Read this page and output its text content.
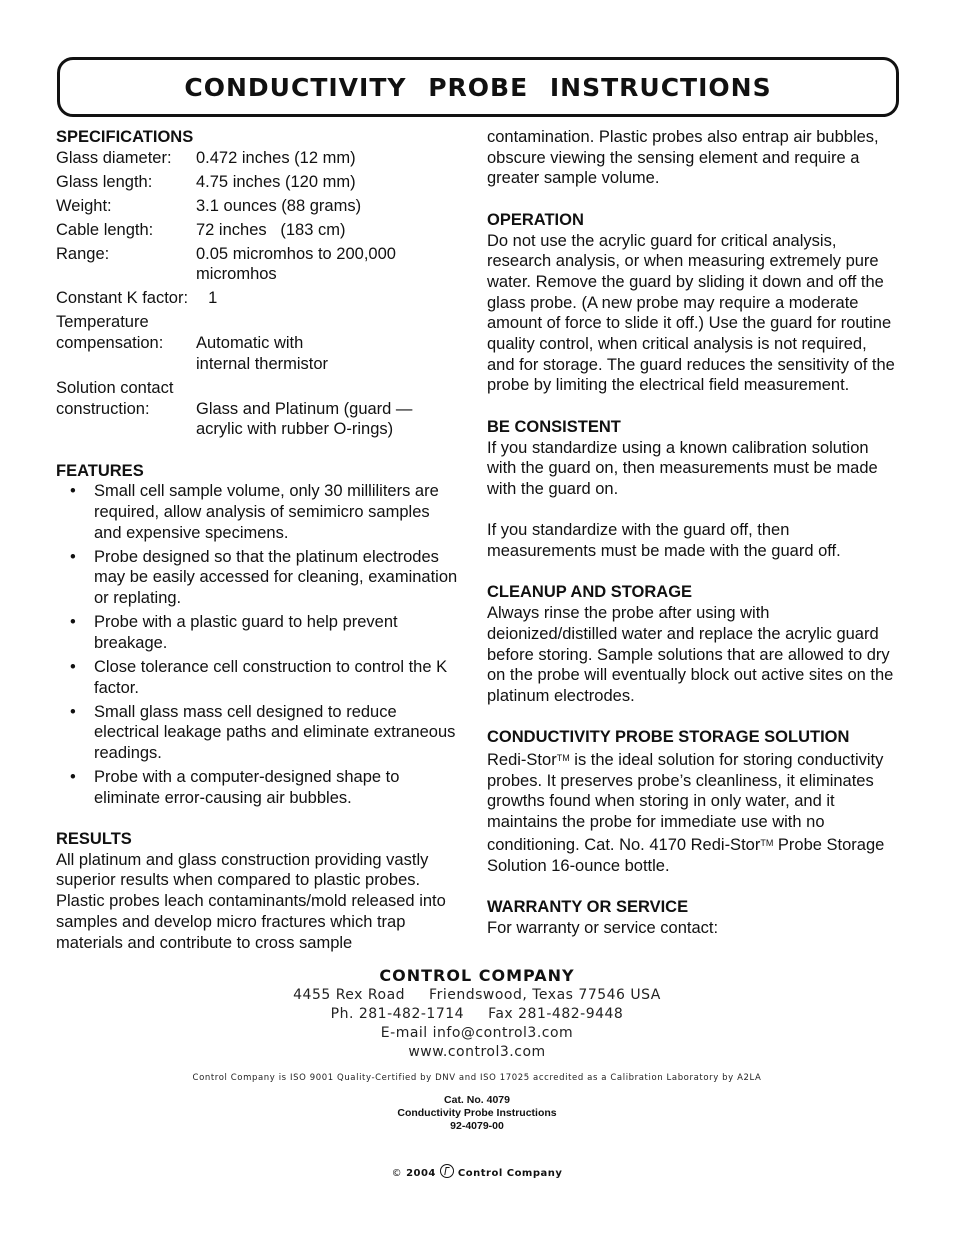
CONDUCTIVITY PROBE INSTRUCTIONS

SPECIFICATIONS

Glass diameter:	0.472 inches (12 mm)
Glass length:	4.75 inches (120 mm)
Weight:	3.1 ounces (88 grams)
Cable length:	72 inches   (183 cm)
Range:	0.05 micromhos to 200,000 micromhos
Constant K factor: 1

Temperature

compensation:	Automatic with
internal thermistor

Solution contact

construction:	Glass and Platinum (guard — acrylic with rubber O-rings)

FEATURES

• Small cell sample volume, only 30 milliliters are required, allow analysis of semimicro samples and expensive specimens.
• Probe designed so that the platinum electrodes may be easily accessed for cleaning, examination or replating.
• Probe with a plastic guard to help prevent breakage.
• Close tolerance cell construction to control the K factor.
• Small glass mass cell designed to reduce electrical leakage paths and eliminate extraneous readings.
• Probe with a computer-designed shape to eliminate error-causing air bubbles.

RESULTS

All platinum and glass construction providing vastly superior results when compared to plastic probes. Plastic probes leach contaminants/mold released into samples and develop micro fractures which trap materials and contribute to cross sample

contamination. Plastic probes also entrap air bubbles, obscure viewing the sensing element and require a greater sample volume.

OPERATION

Do not use the acrylic guard for critical analysis, research analysis, or when measuring extremely pure water. Remove the guard by sliding it down and off the glass probe. (A new probe may require a moderate amount of force to slide it off.) Use the guard for routine quality control, when critical analysis is not required, and for storage. The guard reduces the sensitivity of the probe by limiting the electrical field measurement.

BE CONSISTENT

If you standardize using a known calibration solution with the guard on, then measurements must be made with the guard on.

If you standardize with the guard off, then measurements must be made with the guard off.

CLEANUP AND STORAGE

Always rinse the probe after using with deionized/distilled water and replace the acrylic guard before storing. Sample solutions that are allowed to dry on the probe will eventually block out active sites on the platinum electrodes.

CONDUCTIVITY PROBE STORAGE SOLUTION

Redi-Stor™ is the ideal solution for storing conductivity probes. It preserves probe’s cleanliness, it eliminates growths found when storing in only water, and it maintains the probe for immediate use with no conditioning. Cat. No. 4170 Redi-Stor™ Probe Storage Solution 16-ounce bottle.

WARRANTY OR SERVICE

For warranty or service contact:

CONTROL COMPANY
4455 Rex Road Friendswood, Texas 77546 USA
Ph. 281-482-1714 Fax 281-482-9448
E-mail info@control3.com
www.control3.com
Control Company is ISO 9001 Quality-Certified by DNV and ISO 17025 accredited as a Calibration Laboratory by A2LA
Cat. No. 4079
Conductivity Probe Instructions
92-4079-00
© 2004 Control Company
